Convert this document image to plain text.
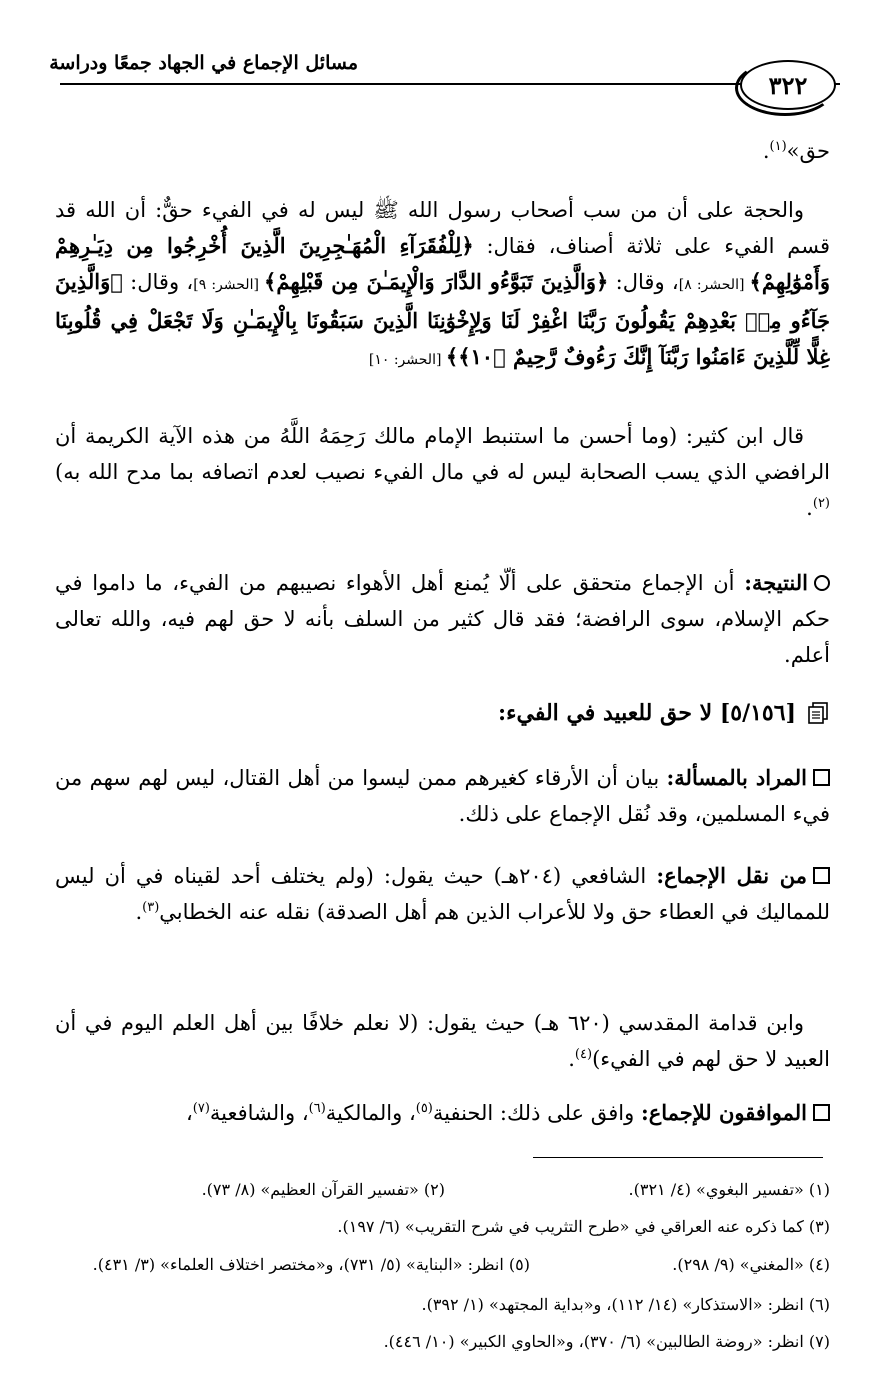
مسائل الإجماع في الجهاد جمعًا ودراسة
٣٢٢

حق»$^{(١)}$.

والحجة على أن من سب أصحاب رسول الله ﷺ ليس له في الفيء حقٌّ: أن الله قد قسم الفيء على ثلاثة أصناف، فقال: ﴿لِلْفُقَرَآءِ الْمُهَـٰجِرِينَ الَّذِينَ أُخْرِجُوا مِن دِيَـٰرِهِمْ وَأَمْوَٰلِهِمْ﴾ [الحشر: ٨]، وقال: ﴿وَالَّذِينَ تَبَوَّءُو الدَّارَ وَالْإِيمَـٰنَ مِن قَبْلِهِمْ﴾ [الحشر: ٩]، وقال: ﴿وَالَّذِينَ جَآءُو مِنۢ بَعْدِهِمْ يَقُولُونَ رَبَّنَا اغْفِرْ لَنَا وَلِإِخْوَٰنِنَا الَّذِينَ سَبَقُونَا بِالْإِيمَـٰنِ وَلَا تَجْعَلْ فِي قُلُوبِنَا غِلًّا لِّلَّذِينَ ءَامَنُوا رَبَّنَآ إِنَّكَ رَءُوفٌ رَّحِيمٌ ﴿١٠﴾﴾ [الحشر: ١٠]

قال ابن كثير: (وما أحسن ما استنبط الإمام مالك رَحِمَهُ اللَّهُ من هذه الآية الكريمة أن الرافضي الذي يسب الصحابة ليس له في مال الفيء نصيب لعدم اتصافه بما مدح الله به)$^{(٢)}$.

النتيجة: أن الإجماع متحقق على ألّا يُمنع أهل الأهواء نصيبهم من الفيء، ما داموا في حكم الإسلام، سوى الرافضة؛ فقد قال كثير من السلف بأنه لا حق لهم فيه، والله تعالى أعلم.

[٥/١٥٦] لا حق للعبيد في الفيء:

المراد بالمسألة: بيان أن الأرقاء كغيرهم ممن ليسوا من أهل القتال، ليس لهم سهم من فيء المسلمين، وقد نُقل الإجماع على ذلك.

من نقل الإجماع: الشافعي (٢٠٤هـ) حيث يقول: (ولم يختلف أحد لقيناه في أن ليس للمماليك في العطاء حق ولا للأعراب الذين هم أهل الصدقة) نقله عنه الخطابي$^{(٣)}$.

وابن قدامة المقدسي (٦٢٠ هـ) حيث يقول: (لا نعلم خلافًا بين أهل العلم اليوم في أن العبيد لا حق لهم في الفيء)$^{(٤)}$.

الموافقون للإجماع: وافق على ذلك: الحنفية$^{(٥)}$، والمالكية$^{(٦)}$، والشافعية$^{(٧)}$،

(١) «تفسير البغوي» (٤/ ٣٢١).
(٢) «تفسير القرآن العظيم» (٨/ ٧٣).
(٣) كما ذكره عنه العراقي في «طرح التثريب في شرح التقريب» (٦/ ١٩٧).
(٤) «المغني» (٩/ ٢٩٨).
(٥) انظر: «البناية» (٥/ ٧٣١)، و«مختصر اختلاف العلماء» (٣/ ٤٣١).
(٦) انظر: «الاستذكار» (١٤/ ١١٢)، و«بداية المجتهد» (١/ ٣٩٢).
(٧) انظر: «روضة الطالبين» (٦/ ٣٧٠)، و«الحاوي الكبير» (١٠/ ٤٤٦).
